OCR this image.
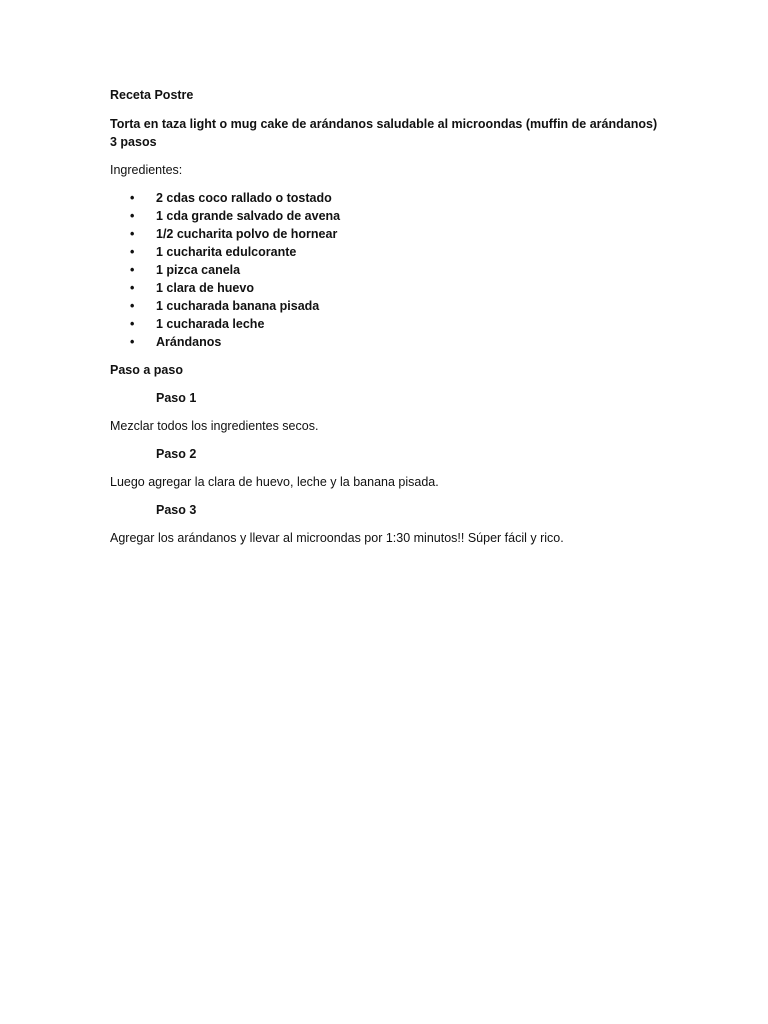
Receta Postre

Torta en taza light o mug cake de arándanos saludable al microondas (muffin de arándanos)

3 pasos

Ingredientes:

• 2 cdas coco rallado o tostado
• 1 cda grande salvado de avena
• 1/2 cucharita polvo de hornear
• 1 cucharita edulcorante
• 1 pizca canela
• 1 clara de huevo
• 1 cucharada banana pisada
• 1 cucharada leche
• Arándanos

Paso a paso

Paso 1

Mezclar todos los ingredientes secos.

Paso 2

Luego agregar la clara de huevo, leche y la banana pisada.

Paso 3

Agregar los arándanos y llevar al microondas por 1:30 minutos!! Súper fácil y rico.
